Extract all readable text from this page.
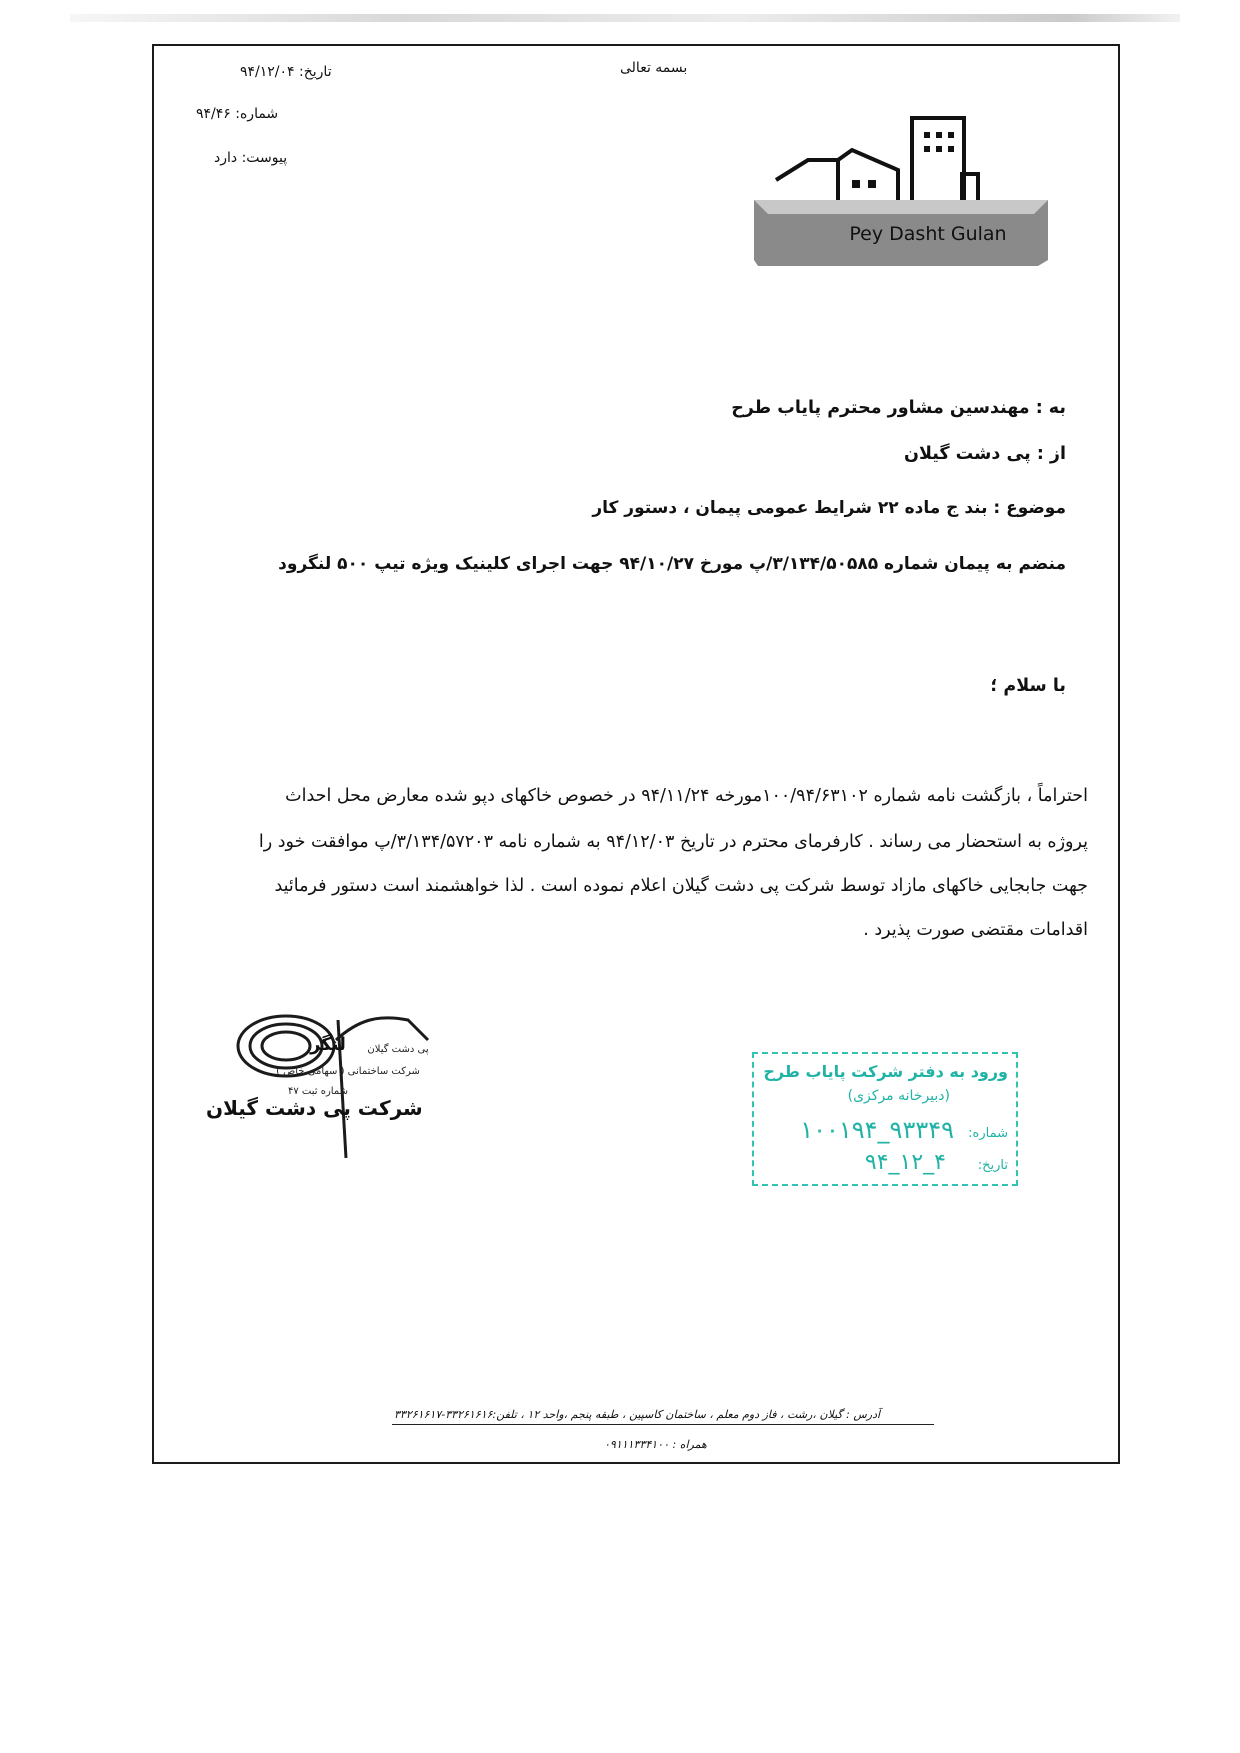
بسمه تعالی
تاریخ: ۹۴/۱۲/۰۴
شماره: ۹۴/۴۶
پیوست: دارد
Pey Dasht Gulan
به : مهندسین مشاور محترم پایاب طرح
از : پی دشت گیلان
موضوع : بند ج ماده ۲۲ شرایط عمومی پیمان ، دستور کار
منضم به پیمان شماره ۳/۱۳۴/۵۰۵۸۵/پ مورخ ۹۴/۱۰/۲۷ جهت اجرای کلینیک ویژه تیپ ۵۰۰ لنگرود
با سلام ؛
احتراماً ، بازگشت نامه شماره ۱۰۰/۹۴/۶۳۱۰۲مورخه ۹۴/۱۱/۲۴ در خصوص خاکهای دپو شده معارض محل احداث
پروژه به استحضار می رساند . کارفرمای محترم در تاریخ ۹۴/۱۲/۰۳ به شماره نامه ۳/۱۳۴/۵۷۲۰۳/پ موافقت خود را
جهت جابجایی خاکهای مازاد توسط شرکت پی دشت گیلان اعلام نموده است . لذا خواهشمند است دستور فرمائید
اقدامات مقتضی صورت پذیرد .
لنگر پی دشت گیلان
شرکت ساختمانی ( سهامی خاص )
شماره ثبت ۴۷
شرکت پی دشت گیلان
ورود به دفتر شرکت پایاب طرح
(دبیرخانه مرکزی)
شماره:
۱۰۰۱۹۴_۹۳۳۴۹
تاریخ:
۹۴_۱۲_۴
آدرس : گیلان ،رشت ، فاز دوم معلم ، ساختمان کاسپین ، طبقه پنجم ،واحد ۱۲ ، تلفن:۳۳۲۶۱۶۱۶-۳۳۲۶۱۶۱۷
همراه : ۰۹۱۱۱۳۳۴۱۰۰
